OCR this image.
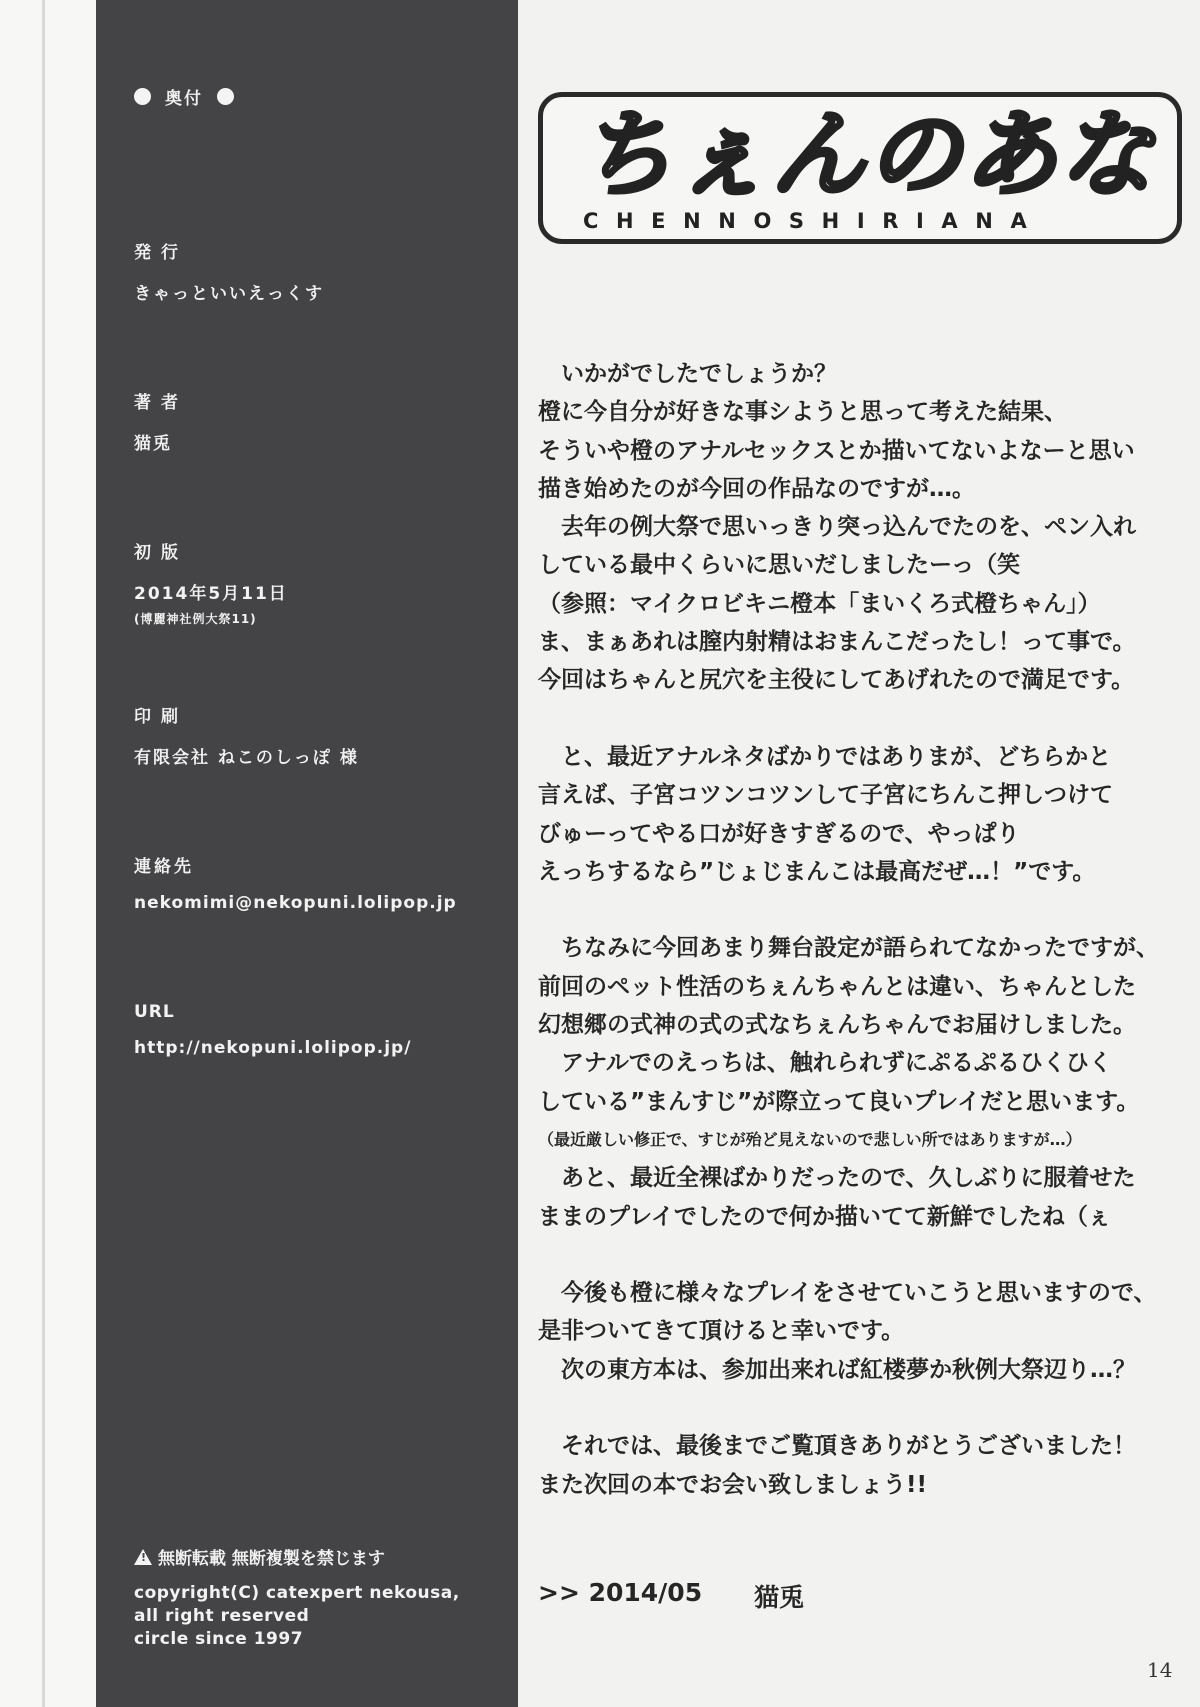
奥付
発行
きゃっといいえっくす
著者
猫兎
初版
2014年5月11日
(博麗神社例大祭11)
印刷
有限会社 ねこのしっぽ 様
連絡先
nekomimi@nekopuni.lolipop.jp
URL
http://nekopuni.lolipop.jp/
!
無断転載 無断複製を禁じます
copyright(C) catexpert nekousa,
all right reserved
circle since 1997
ちぇんのあな
CHENNOSHIRIANA
　いかがでしたでしょうか？
橙に今自分が好きな事シようと思って考えた結果、
そういや橙のアナルセックスとか描いてないよなーと思い
描き始めたのが今回の作品なのですが…。
　去年の例大祭で思いっきり突っ込んでたのを、ペン入れ
している最中くらいに思いだしましたーっ（笑
（参照：マイクロビキニ橙本「まいくろ式橙ちゃん」）
ま、まぁあれは膣内射精はおまんこだったし！って事で。
今回はちゃんと尻穴を主役にしてあげれたので満足です。
　と、最近アナルネタばかりではありまが、どちらかと
言えば、子宮コツンコツンして子宮にちんこ押しつけて
びゅーってやる口が好きすぎるので、やっぱり
えっちするなら”じょじまんこは最高だぜ…！”です。
　ちなみに今回あまり舞台設定が語られてなかったですが、
前回のペット性活のちぇんちゃんとは違い、ちゃんとした
幻想郷の式神の式の式なちぇんちゃんでお届けしました。
　アナルでのえっちは、触れられずにぷるぷるひくひく
している”まんすじ”が際立って良いプレイだと思います。
（最近厳しい修正で、すじが殆ど見えないので悲しい所ではありますが…）
　あと、最近全裸ばかりだったので、久しぶりに服着せた
ままのプレイでしたので何か描いてて新鮮でしたね（ぇ
　今後も橙に様々なプレイをさせていこうと思いますので、
是非ついてきて頂けると幸いです。
　次の東方本は、参加出来れば紅楼夢か秋例大祭辺り…？
　それでは、最後までご覧頂きありがとうございました！
また次回の本でお会い致しましょう!!
>> 2014/05 猫兎
14
